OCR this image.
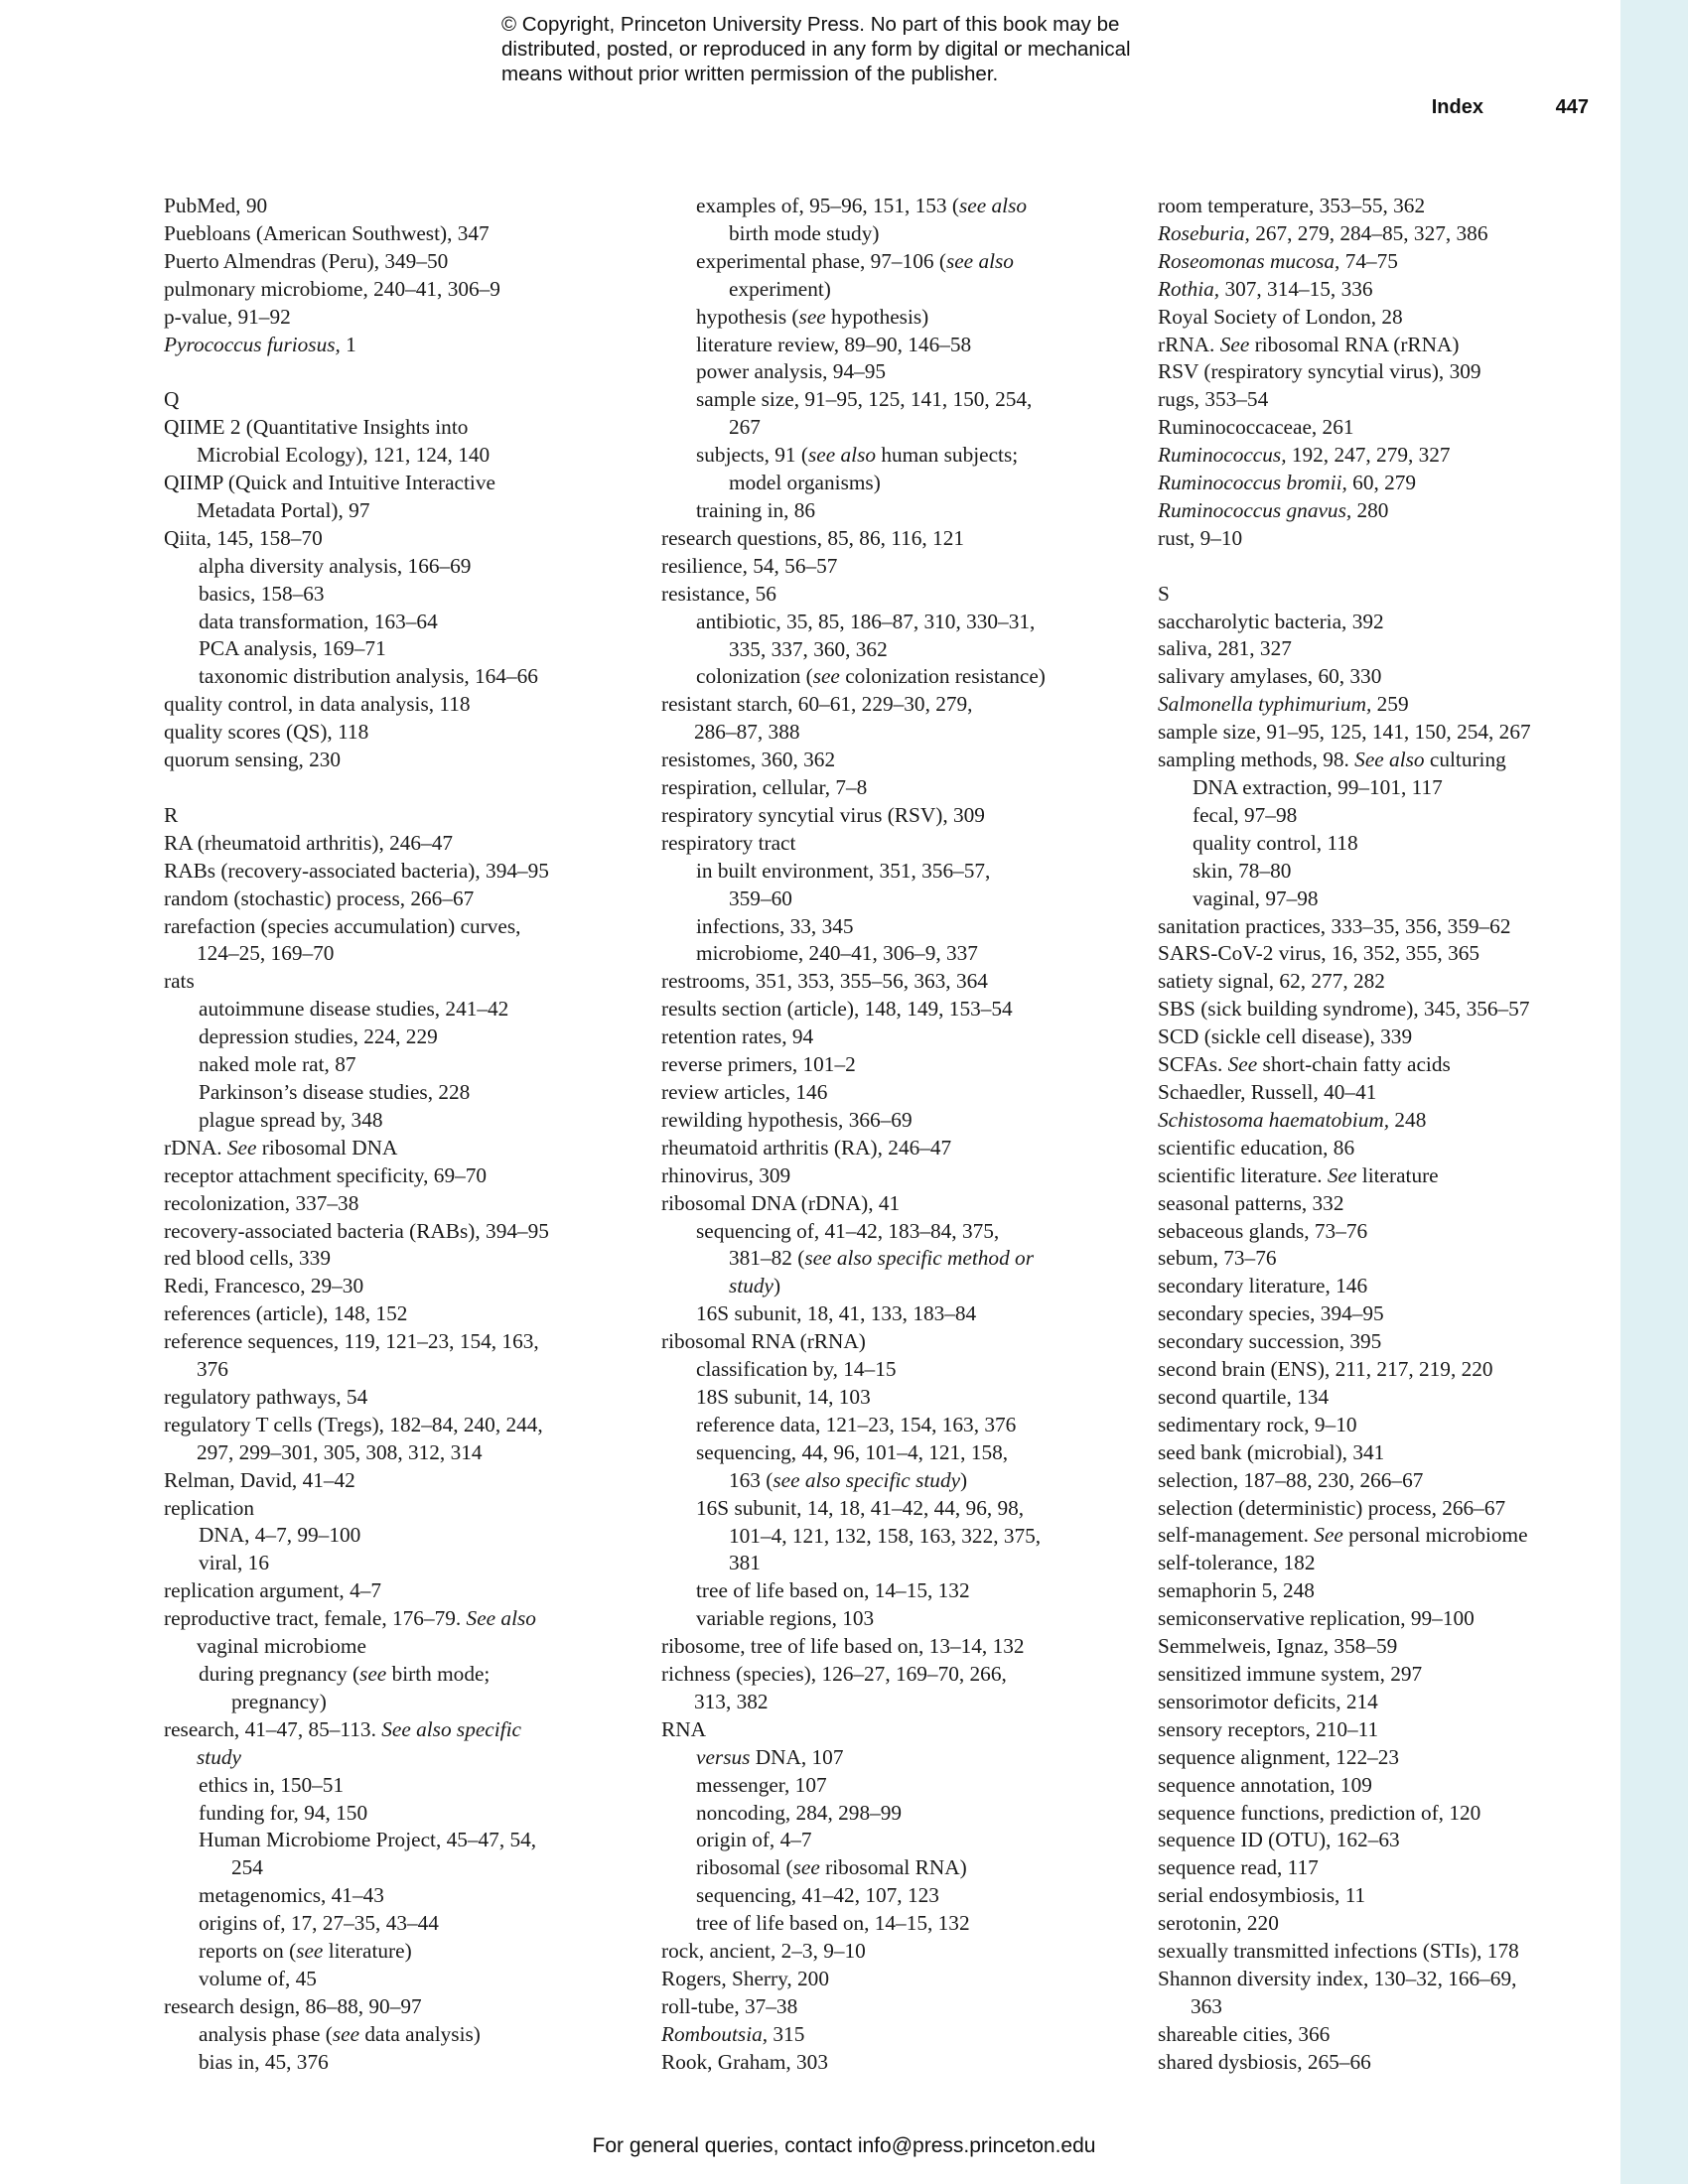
© Copyright, Princeton University Press. No part of this book may be
distributed, posted, or reproduced in any form by digital or mechanical
means without prior written permission of the publisher.
Index	447
PubMed, 90
Puebloans (American Southwest), 347
Puerto Almendras (Peru), 349–50
pulmonary microbiome, 240–41, 306–9
p-value, 91–92
Pyrococcus furiosus, 1
Q
QIIME 2 (Quantitative Insights into
Microbial Ecology), 121, 124, 140
QIIMP (Quick and Intuitive Interactive
Metadata Portal), 97
Qiita, 145, 158–70
alpha diversity analysis, 166–69
basics, 158–63
data transformation, 163–64
PCA analysis, 169–71
taxonomic distribution analysis, 164–66
quality control, in data analysis, 118
quality scores (QS), 118
quorum sensing, 230
R
RA (rheumatoid arthritis), 246–47
RABs (recovery-associated bacteria), 394–95
random (stochastic) process, 266–67
rarefaction (species accumulation) curves,
124–25, 169–70
rats
autoimmune disease studies, 241–42
depression studies, 224, 229
naked mole rat, 87
Parkinson’s disease studies, 228
plague spread by, 348
rDNA. See ribosomal DNA
receptor attachment specificity, 69–70
recolonization, 337–38
recovery-associated bacteria (RABs), 394–95
red blood cells, 339
Redi, Francesco, 29–30
references (article), 148, 152
reference sequences, 119, 121–23, 154, 163,
376
regulatory pathways, 54
regulatory T cells (Tregs), 182–84, 240, 244,
297, 299–301, 305, 308, 312, 314
Relman, David, 41–42
replication
DNA, 4–7, 99–100
viral, 16
replication argument, 4–7
reproductive tract, female, 176–79. See also
vaginal microbiome
during pregnancy (see birth mode;
pregnancy)
research, 41–47, 85–113. See also specific
study
ethics in, 150–51
funding for, 94, 150
Human Microbiome Project, 45–47, 54,
254
metagenomics, 41–43
origins of, 17, 27–35, 43–44
reports on (see literature)
volume of, 45
research design, 86–88, 90–97
analysis phase (see data analysis)
bias in, 45, 376
examples of, 95–96, 151, 153 (see also
birth mode study)
experimental phase, 97–106 (see also
experiment)
hypothesis (see hypothesis)
literature review, 89–90, 146–58
power analysis, 94–95
sample size, 91–95, 125, 141, 150, 254,
267
subjects, 91 (see also human subjects;
model organisms)
training in, 86
research questions, 85, 86, 116, 121
resilience, 54, 56–57
resistance, 56
antibiotic, 35, 85, 186–87, 310, 330–31,
335, 337, 360, 362
colonization (see colonization resistance)
resistant starch, 60–61, 229–30, 279,
286–87, 388
resistomes, 360, 362
respiration, cellular, 7–8
respiratory syncytial virus (RSV), 309
respiratory tract
in built environment, 351, 356–57,
359–60
infections, 33, 345
microbiome, 240–41, 306–9, 337
restrooms, 351, 353, 355–56, 363, 364
results section (article), 148, 149, 153–54
retention rates, 94
reverse primers, 101–2
review articles, 146
rewilding hypothesis, 366–69
rheumatoid arthritis (RA), 246–47
rhinovirus, 309
ribosomal DNA (rDNA), 41
sequencing of, 41–42, 183–84, 375,
381–82 (see also specific method or
study)
16S subunit, 18, 41, 133, 183–84
ribosomal RNA (rRNA)
classification by, 14–15
18S subunit, 14, 103
reference data, 121–23, 154, 163, 376
sequencing, 44, 96, 101–4, 121, 158,
163 (see also specific study)
16S subunit, 14, 18, 41–42, 44, 96, 98,
101–4, 121, 132, 158, 163, 322, 375,
381
tree of life based on, 14–15, 132
variable regions, 103
ribosome, tree of life based on, 13–14, 132
richness (species), 126–27, 169–70, 266,
313, 382
RNA
versus DNA, 107
messenger, 107
noncoding, 284, 298–99
origin of, 4–7
ribosomal (see ribosomal RNA)
sequencing, 41–42, 107, 123
tree of life based on, 14–15, 132
rock, ancient, 2–3, 9–10
Rogers, Sherry, 200
roll-tube, 37–38
Romboutsia, 315
Rook, Graham, 303
room temperature, 353–55, 362
Roseburia, 267, 279, 284–85, 327, 386
Roseomonas mucosa, 74–75
Rothia, 307, 314–15, 336
Royal Society of London, 28
rRNA. See ribosomal RNA (rRNA)
RSV (respiratory syncytial virus), 309
rugs, 353–54
Ruminococcaceae, 261
Ruminococcus, 192, 247, 279, 327
Ruminococcus bromii, 60, 279
Ruminococcus gnavus, 280
rust, 9–10
S
saccharolytic bacteria, 392
saliva, 281, 327
salivary amylases, 60, 330
Salmonella typhimurium, 259
sample size, 91–95, 125, 141, 150, 254, 267
sampling methods, 98. See also culturing
DNA extraction, 99–101, 117
fecal, 97–98
quality control, 118
skin, 78–80
vaginal, 97–98
sanitation practices, 333–35, 356, 359–62
SARS-CoV-2 virus, 16, 352, 355, 365
satiety signal, 62, 277, 282
SBS (sick building syndrome), 345, 356–57
SCD (sickle cell disease), 339
SCFAs. See short-chain fatty acids
Schaedler, Russell, 40–41
Schistosoma haematobium, 248
scientific education, 86
scientific literature. See literature
seasonal patterns, 332
sebaceous glands, 73–76
sebum, 73–76
secondary literature, 146
secondary species, 394–95
secondary succession, 395
second brain (ENS), 211, 217, 219, 220
second quartile, 134
sedimentary rock, 9–10
seed bank (microbial), 341
selection, 187–88, 230, 266–67
selection (deterministic) process, 266–67
self-management. See personal microbiome
self-tolerance, 182
semaphorin 5, 248
semiconservative replication, 99–100
Semmelweis, Ignaz, 358–59
sensitized immune system, 297
sensorimotor deficits, 214
sensory receptors, 210–11
sequence alignment, 122–23
sequence annotation, 109
sequence functions, prediction of, 120
sequence ID (OTU), 162–63
sequence read, 117
serial endosymbiosis, 11
serotonin, 220
sexually transmitted infections (STIs), 178
Shannon diversity index, 130–32, 166–69,
363
shareable cities, 366
shared dysbiosis, 265–66
For general queries, contact info@press.princeton.edu
